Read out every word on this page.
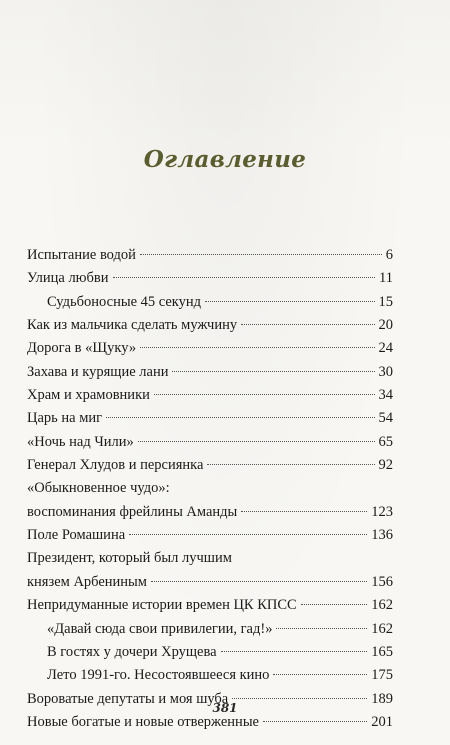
Оглавление
Испытание водой	6
Улица любви	11
Судьбоносные 45 секунд	15
Как из мальчика сделать мужчину	20
Дорога в «Щуку»	24
Захава и курящие лани	30
Храм и храмовники	34
Царь на миг	54
«Ночь над Чили»	65
Генерал Хлудов и персиянка	92
«Обыкновенное чудо»:
воспоминания фрейлины Аманды	123
Поле Ромашина	136
Президент, который был лучшим
князем Арбениным	156
Непридуманные истории времен ЦК КПСС	162
«Давай сюда свои привилегии, гад!»	162
В гостях у дочери Хрущева	165
Лето 1991-го. Несостоявшееся кино	175
Вороватые депутаты и моя шуба	189
Новые богатые и новые отверженные	201
381
